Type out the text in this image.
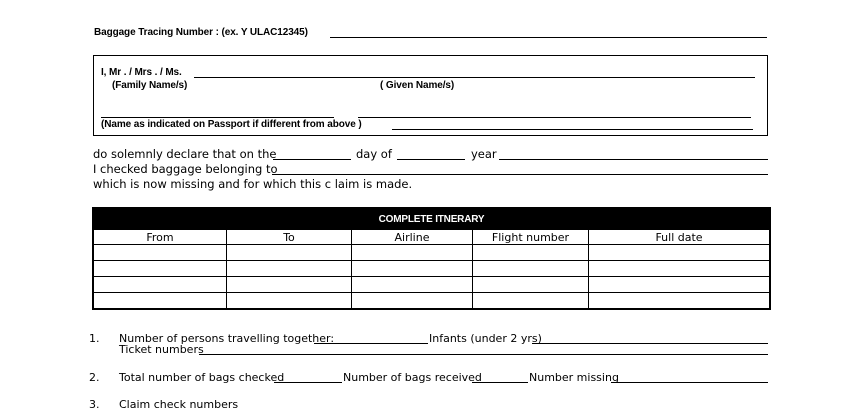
Baggage Tracing Number : (ex. Y ULAC12345)
I, Mr . / Mrs . / Ms.
(Family Name/s)	( Given Name/s)
(Name as indicated on Passport if different from above )
do solemnly declare that on the	day of	year
I checked baggage belonging to
which is now missing and for which this c laim is made.
COMPLETE ITNERARY				
From	To	Airline	Flight number	Full date

1. Number of persons travelling together:	Infants (under 2 yrs)
Ticket numbers
2. Total number of bags checked	Number of bags received	Number missing
3. Claim check numbers
